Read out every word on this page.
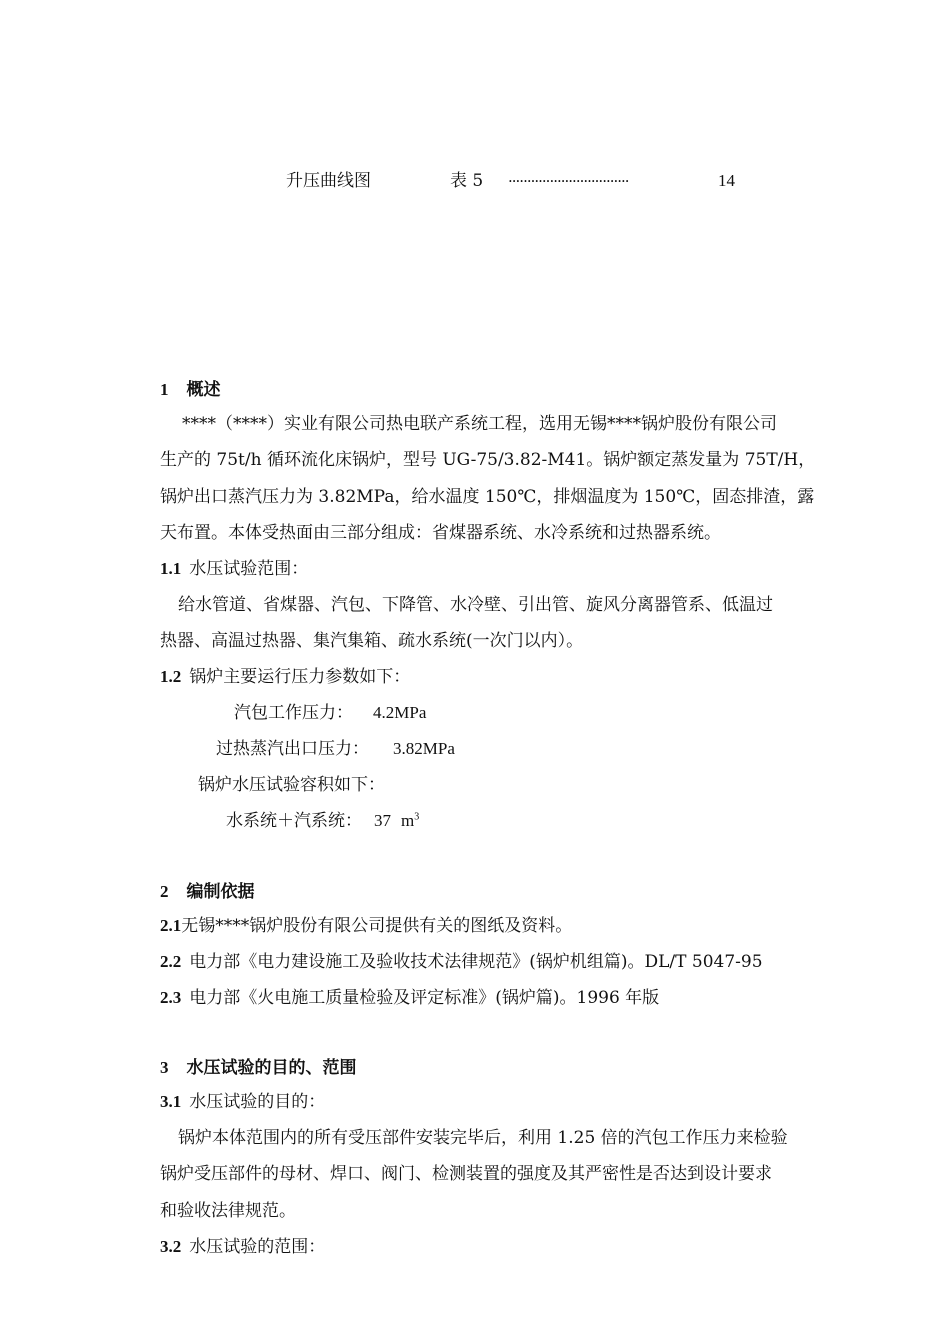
升压曲线图	表 5 ································	14
1 概述
****（****）实业有限公司热电联产系统工程，选用无锡****锅炉股份有限公司
生产的 75t/h 循环流化床锅炉，型号 UG-75/3.82-M41。锅炉额定蒸发量为 75T/H，
锅炉出口蒸汽压力为 3.82MPa，给水温度 150℃，排烟温度为 150℃，固态排渣，露
天布置。本体受热面由三部分组成：省煤器系统、水冷系统和过热器系统。
1.1 水压试验范围：
给水管道、省煤器、汽包、下降管、水冷壁、引出管、旋风分离器管系、低温过
热器、高温过热器、集汽集箱、疏水系统(一次门以内）。
1.2 锅炉主要运行压力参数如下：
汽包工作压力： 4.2MPa
过热蒸汽出口压力： 3.82MPa
锅炉水压试验容积如下：
水系统＋汽系统： 37 $m^3$
2 编制依据
2.1无锡****锅炉股份有限公司提供有关的图纸及资料。
2.2 电力部《电力建设施工及验收技术法律规范》(锅炉机组篇)。DL/T 5047-95
2.3 电力部《火电施工质量检验及评定标准》(锅炉篇)。1996 年版
3 水压试验的目的、范围
3.1 水压试验的目的：
锅炉本体范围内的所有受压部件安装完毕后，利用 1.25 倍的汽包工作压力来检验
锅炉受压部件的母材、焊口、阀门、检测装置的强度及其严密性是否达到设计要求
和验收法律规范。
3.2 水压试验的范围：
